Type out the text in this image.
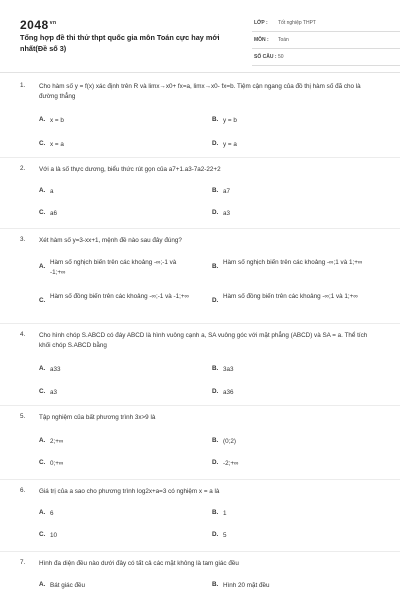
$2048^{vn}$
Tổng hợp đề thi thử thpt quốc gia môn Toán cực hay mới nhất(Đề số 3)
LỚP : Tốt nghiệp THPT
MÔN : Toán
SỐ CÂU : 50
1. Cho hàm số y = f(x) xác định trên R và limx→x0+ fx=a, limx→x0- fx=b. Tiệm cận ngang của đồ thị hàm số đã cho là đường thẳng
A. x = b	B. y = b
C. x = a	D. y = a
2. Với a là số thực dương, biểu thức rút gọn của a7+1.a3-7a2-22+2
A. a	B. a7
C. a6	D. a3
3. Xét hàm số y=3-xx+1, mệnh đề nào sau đây đúng?
A.
Hàm số nghịch biến trên các khoảng -∞;-1 và -1;+∞
B.
Hàm số nghịch biến trên các khoảng -∞;1 và 1;+∞
C.
Hàm số đồng biến trên các khoảng -∞;-1 và -1;+∞
D.
Hàm số đồng biến trên các khoảng -∞;1 và 1;+∞
4. Cho hình chóp S.ABCD có đáy ABCD là hình vuông cạnh a, SA vuông góc với mặt phẳng (ABCD) và SA = a. Thể tích khối chóp S.ABCD bằng
A. a33	B. 3a3
C. a3	D. a36
5. Tập nghiệm của bất phương trình 3x>9 là
A. 2;+∞	B. (0;2)
C. 0;+∞	D. -2;+∞
6. Giá trị của a sao cho phương trình log2x+a=3 có nghiệm x = a là
A. 6	B. 1
C. 10	D. 5
7. Hình đa diện đều nào dưới đây có tất cả các mặt không là tam giác đều
A. Bát giác đều	B. Hình 20 mặt đều
